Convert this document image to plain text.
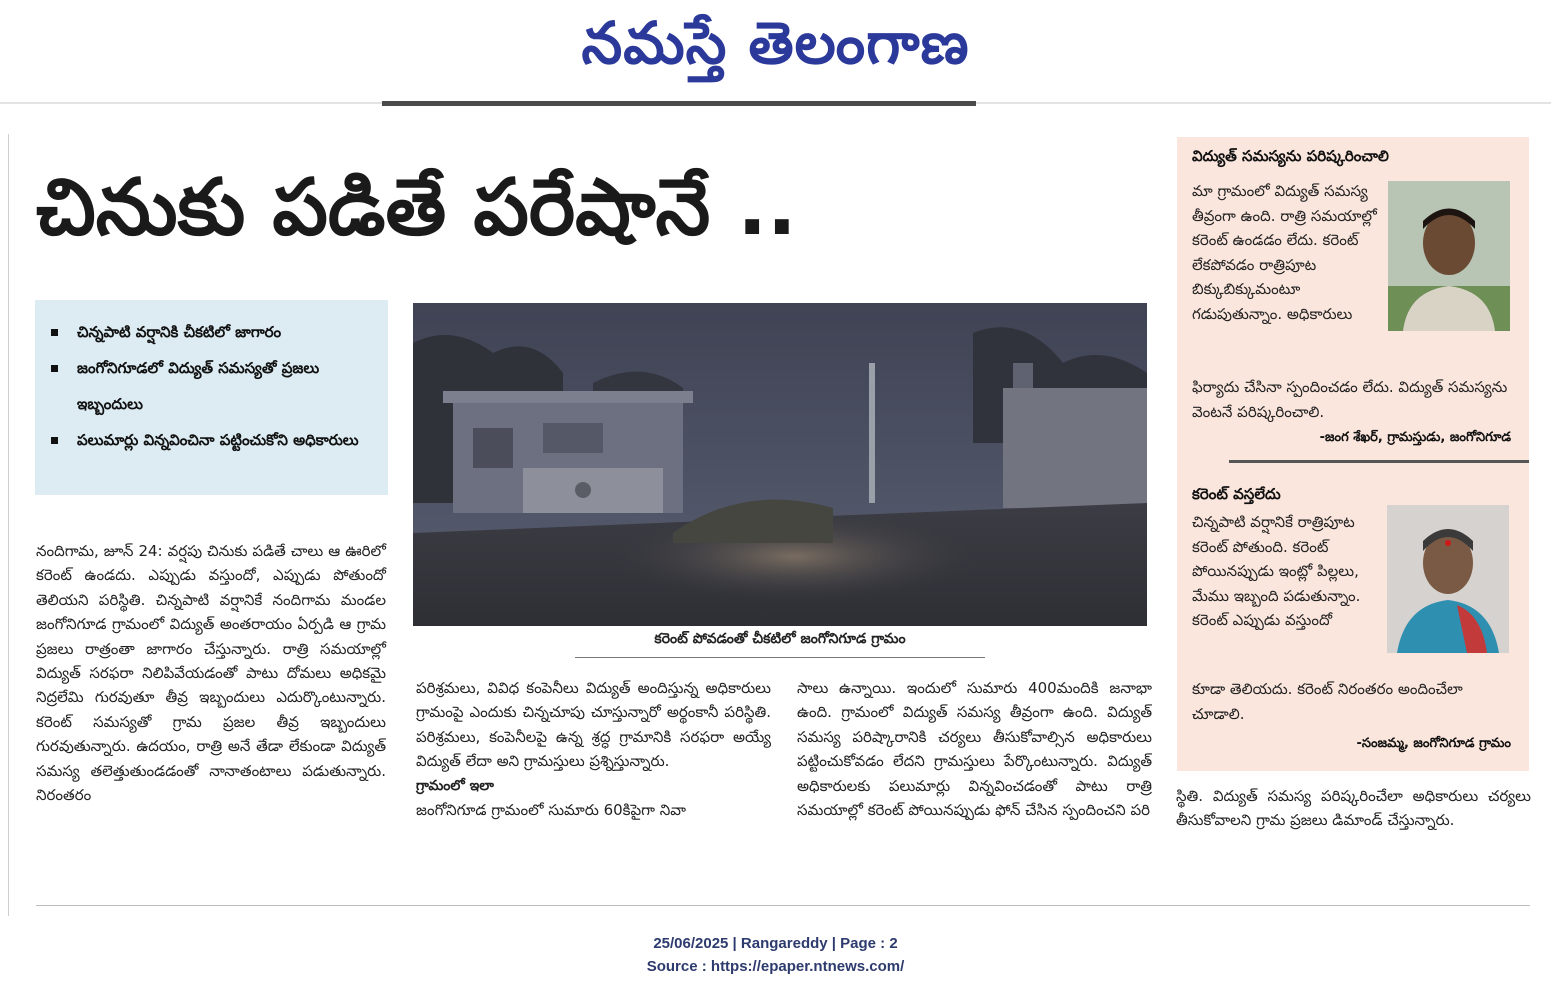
నమస్తే తెలంగాణ
చినుకు పడితే పరేషానే ..
చిన్నపాటి వర్షానికి చీకటిలో జాగారం
జంగోనిగూడలో విద్యుత్ సమస్యతో ప్రజలు ఇబ్బందులు
పలుమార్లు విన్నవించినా పట్టించుకోని అధికారులు
కరెంట్ పోవడంతో చీకటిలో జంగోనిగూడ గ్రామం

నందిగామ, జూన్ 24: వర్షపు చినుకు పడితే చాలు ఆ ఊరిలో కరెంట్ ఉండదు. ఎప్పుడు వస్తుందో, ఎప్పుడు పోతుందో తెలియని పరిస్థితి. చిన్నపాటి వర్షానికే నందిగామ మండల జంగోనిగూడ గ్రామంలో విద్యుత్ అంతరాయం ఏర్పడి ఆ గ్రామ ప్రజలు రాత్రంతా జాగారం చేస్తున్నారు. రాత్రి సమయాల్లో విద్యుత్ సరఫరా నిలిపివేయడంతో పాటు దోమలు అధికమై నిద్రలేమి గురవుతూ తీవ్ర ఇబ్బందులు ఎదుర్కొంటున్నారు. కరెంట్ సమస్యతో గ్రామ ప్రజల తీవ్ర ఇబ్బందులు గురవుతున్నారు. ఉదయం, రాత్రి అనే తేడా లేకుండా విద్యుత్ సమస్య తలెత్తుతుండడంతో నానాతంటాలు పడుతున్నారు. నిరంతరం

పరిశ్రమలు, వివిధ కంపెనీలు విద్యుత్ అందిస్తున్న అధికారులు గ్రామంపై ఎందుకు చిన్నచూపు చూస్తున్నారో అర్థంకానీ పరిస్థితి. పరిశ్రమలు, కంపెనీలపై ఉన్న శ్రద్ధ గ్రామానికి సరఫరా అయ్యే విద్యుత్ లేదా అని గ్రామస్తులు ప్రశ్నిస్తున్నారు.

గ్రామంలో ఇలా

జంగోనిగూడ గ్రామంలో సుమారు 60కిపైగా నివా

సాలు ఉన్నాయి. ఇందులో సుమారు 400మందికి జనాభా ఉంది. గ్రామంలో విద్యుత్ సమస్య తీవ్రంగా ఉంది. విద్యుత్ సమస్య పరిష్కారానికి చర్యలు తీసుకోవాల్సిన అధికారులు పట్టించుకోవడం లేదని గ్రామస్తులు పేర్కొంటున్నారు. విద్యుత్ అధికారులకు పలుమార్లు విన్నవించడంతో పాటు రాత్రి సమయాల్లో కరెంట్ పోయినప్పుడు ఫోన్ చేసిన స్పందించని పరి

స్థితి. విద్యుత్ సమస్య పరిష్కరించేలా అధికారులు చర్యలు తీసుకోవాలని గ్రామ ప్రజలు డిమాండ్ చేస్తున్నారు.

విద్యుత్ సమస్యను పరిష్కరించాలి
మా గ్రామంలో విద్యుత్ సమస్య తీవ్రంగా ఉంది. రాత్రి సమయాల్లో కరెంట్ ఉండడం లేదు. కరెంట్ లేకపోవడం రాత్రిపూట బిక్కుబిక్కుమంటూ గడుపుతున్నాం. అధికారులు
ఫిర్యాదు చేసినా స్పందించడం లేదు. విద్యుత్ సమస్యను వెంటనే పరిష్కరించాలి.
-జంగ శేఖర్, గ్రామస్తుడు, జంగోనిగూడ
కరెంట్ వస్తలేదు
చిన్నపాటి వర్షానికే రాత్రిపూట కరెంట్ పోతుంది. కరెంట్ పోయినప్పుడు ఇంట్లో పిల్లలు, మేము ఇబ్బంది పడుతున్నాం. కరెంట్ ఎప్పుడు వస్తుందో
కూడా తెలియదు. కరెంట్ నిరంతరం అందించేలా చూడాలి.
-సంజమ్మ, జంగోనిగూడ గ్రామం
25/06/2025 | Rangareddy | Page : 2
Source : https://epaper.ntnews.com/
